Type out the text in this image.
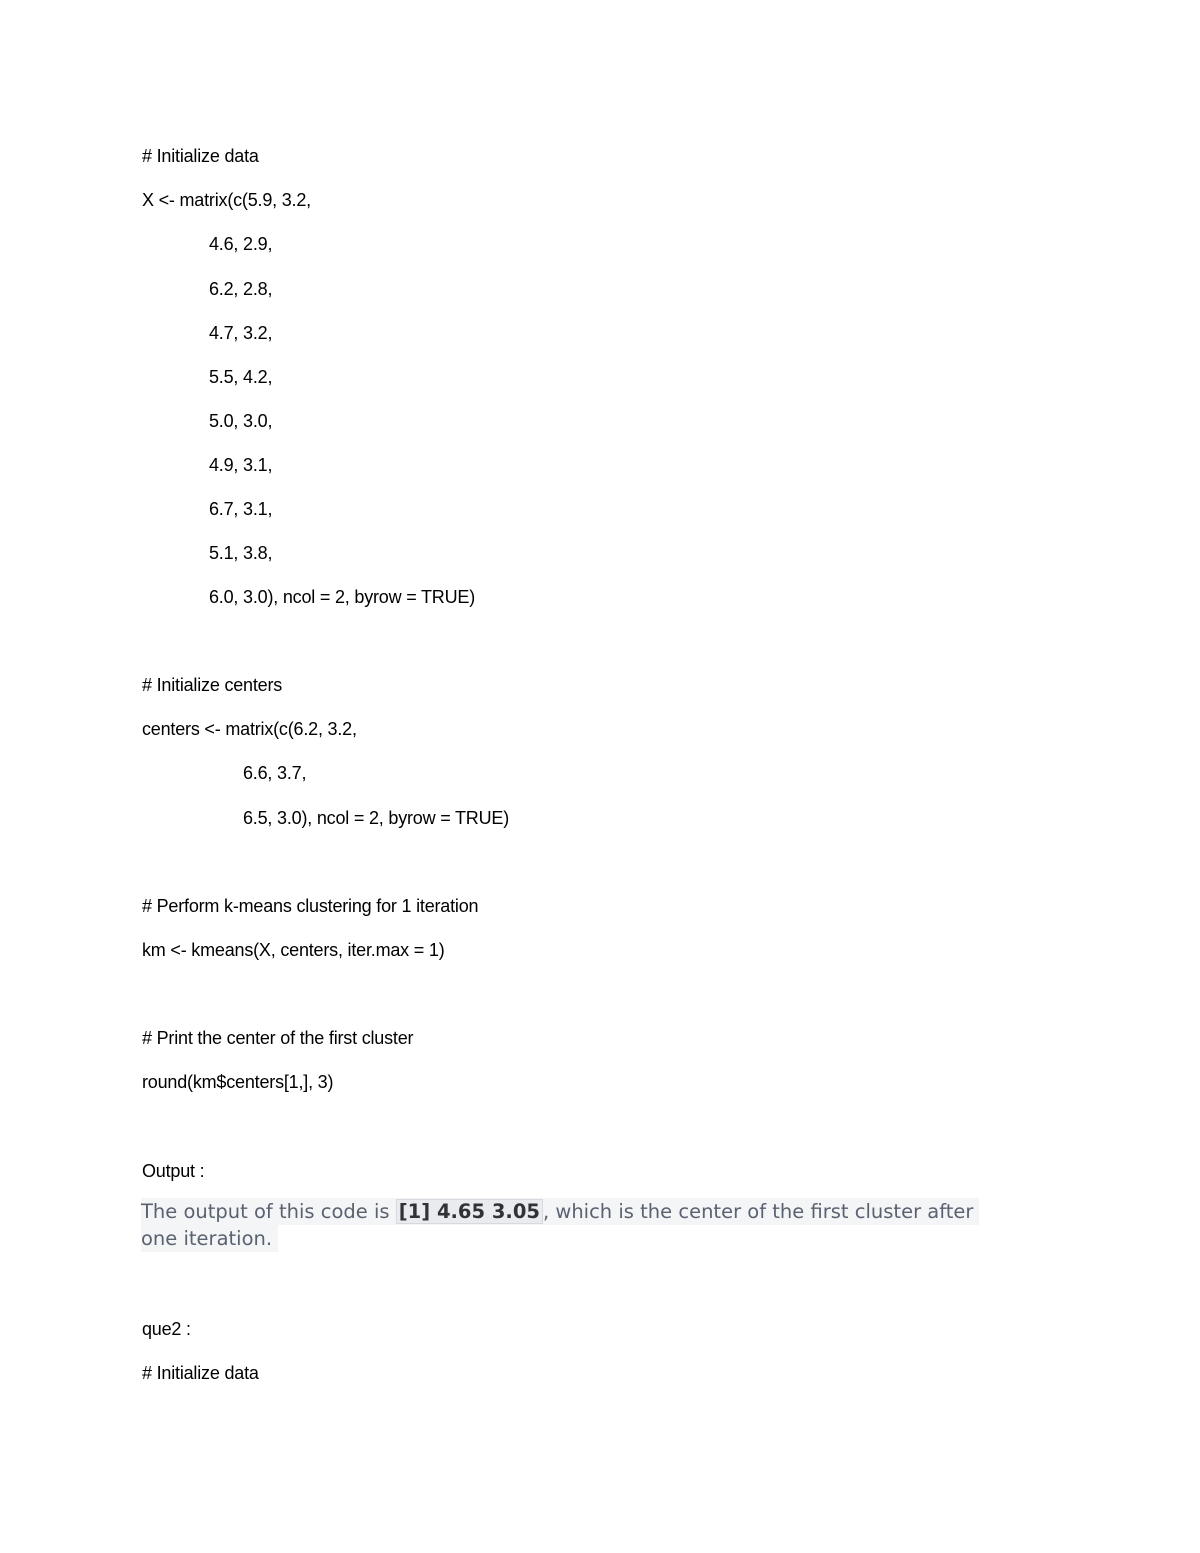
# Initialize data
X <- matrix(c(5.9, 3.2,
4.6, 2.9,
6.2, 2.8,
4.7, 3.2,
5.5, 4.2,
5.0, 3.0,
4.9, 3.1,
6.7, 3.1,
5.1, 3.8,
6.0, 3.0), ncol = 2, byrow = TRUE)
# Initialize centers
centers <- matrix(c(6.2, 3.2,
6.6, 3.7,
6.5, 3.0), ncol = 2, byrow = TRUE)
# Perform k-means clustering for 1 iteration
km <- kmeans(X, centers, iter.max = 1)
# Print the center of the first cluster
round(km$centers[1,], 3)
Output :
The output of this code is [1] 4.65 3.05 , which is the center of the first cluster after
one iteration.
que2 :
# Initialize data
